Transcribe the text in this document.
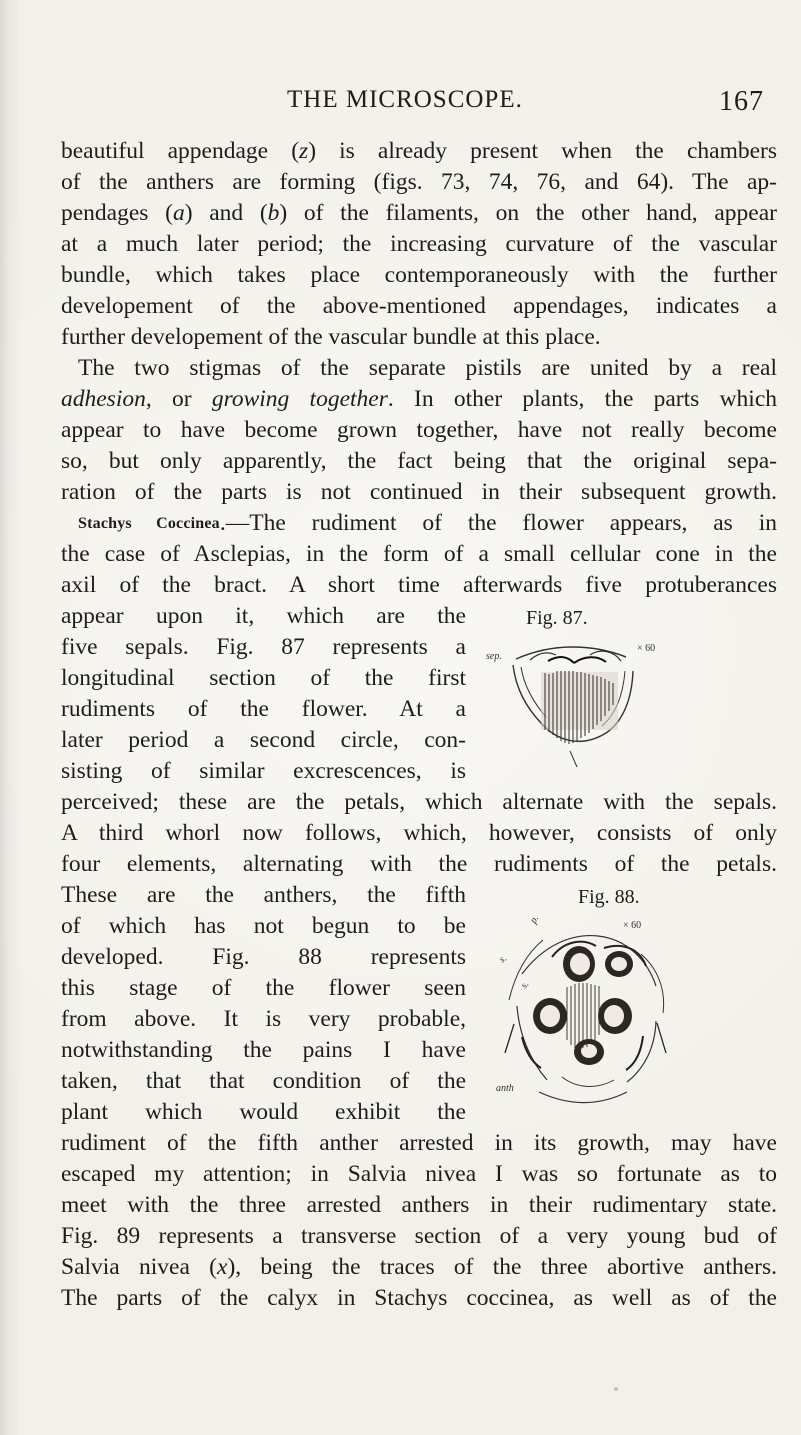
THE MICROSCOPE.	167
beautiful appendage (z) is already present when the chambers
of the anthers are forming (figs. 73, 74, 76, and 64). The ap-
pendages (a) and (b) of the filaments, on the other hand, appear
at a much later period; the increasing curvature of the vascular
bundle, which takes place contemporaneously with the further
developement of the above-mentioned appendages, indicates a
further developement of the vascular bundle at this place.
The two stigmas of the separate pistils are united by a real
adhesion, or growing together. In other plants, the parts which
appear to have become grown together, have not really become
so, but only apparently, the fact being that the original sepa-
ration of the parts is not continued in their subsequent growth.
Stachys Coccinea.—The rudiment of the flower appears, as in
the case of Asclepias, in the form of a small cellular cone in the
axil of the bract. A short time afterwards five protuberances
appear upon it, which are the
five sepals. Fig. 87 represents a
longitudinal section of the first
rudiments of the flower. At a
later period a second circle, con-
sisting of similar excrescences, is
Fig. 87.
sep.
× 60
perceived; these are the petals, which alternate with the sepals.
A third whorl now follows, which, however, consists of only
four elements, alternating with the rudiments of the petals.
These are the anthers, the fifth
of which has not begun to be
developed. Fig. 88 represents
this stage of the flower seen
from above. It is very probable,
notwithstanding the pains I have
taken, that that condition of the
plant which would exhibit the
Fig. 88.
p.	× 60
s.
s.
anth
rudiment of the fifth anther arrested in its growth, may have
escaped my attention; in Salvia nivea I was so fortunate as to
meet with the three arrested anthers in their rudimentary state.
Fig. 89 represents a transverse section of a very young bud of
Salvia nivea (x), being the traces of the three abortive anthers.
The parts of the calyx in Stachys coccinea, as well as of the
